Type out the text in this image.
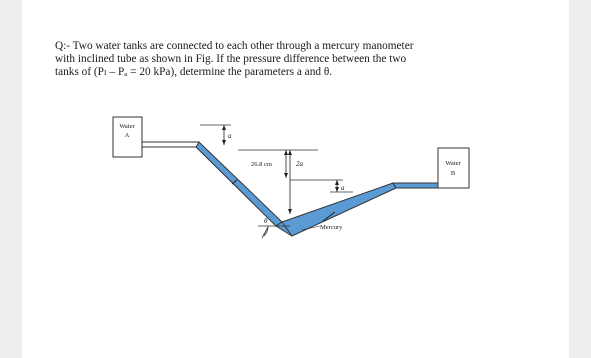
Q:- Two water tanks are connected to each other through a mercury manometer
with inclined tube as shown in Fig. If the pressure difference between the two
tanks of (Pₗ – Pₐ = 20 kPa), determine the parameters a and θ.
Water
A
Water
B
a
26.8 cm	2a
a
θ
Mercury
